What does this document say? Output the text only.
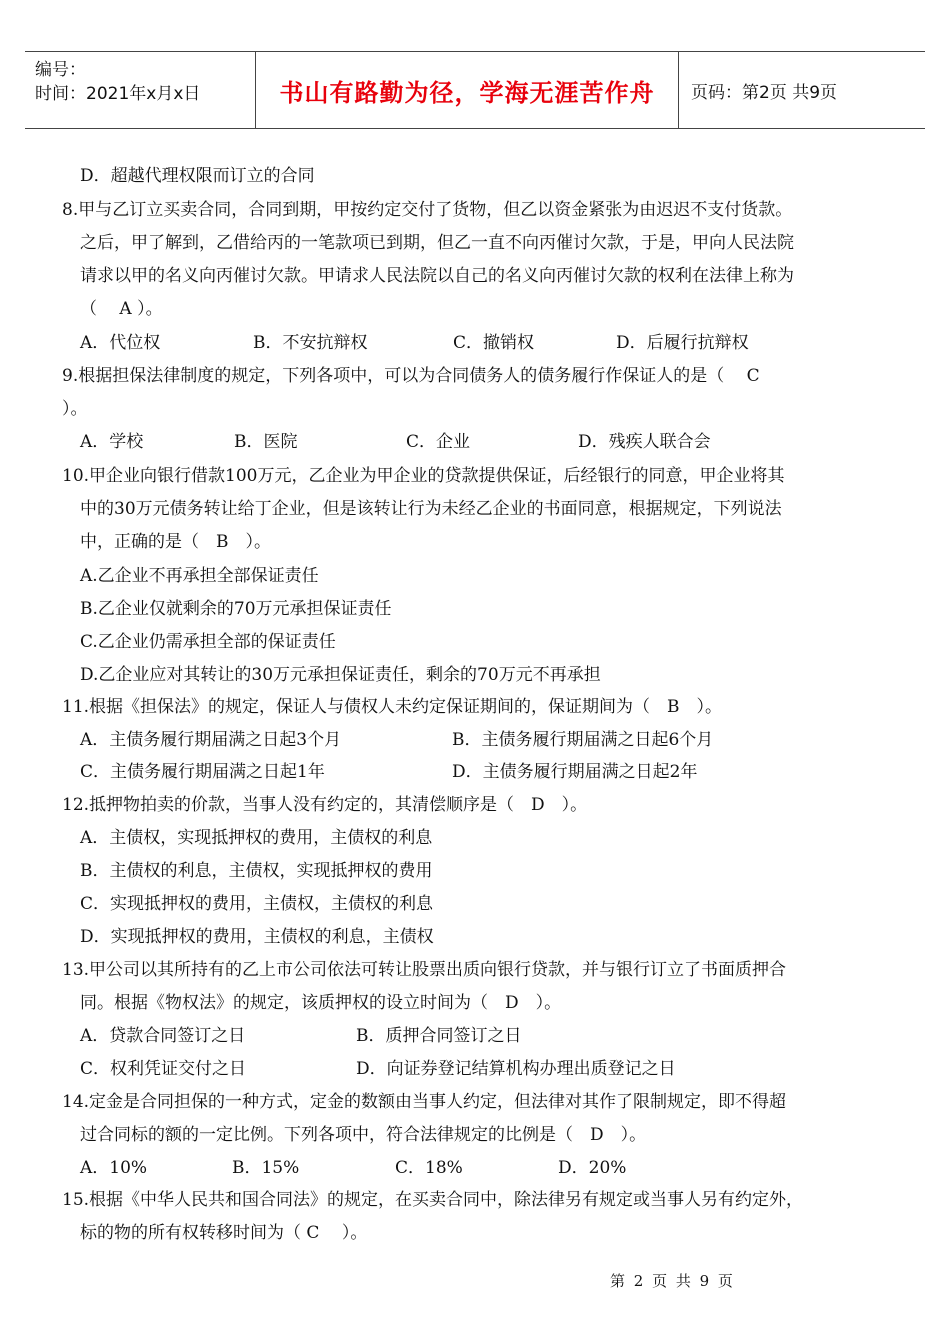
编号：
时间：2021年x月x日	书山有路勤为径，学海无涯苦作舟	页码：第2页 共9页
D．超越代理权限而订立的合同
8.甲与乙订立买卖合同，合同到期，甲按约定交付了货物，但乙以资金紧张为由迟迟不支付货款。
之后，甲了解到，乙借给丙的一笔款项已到期，但乙一直不向丙催讨欠款，于是，甲向人民法院
请求以甲的名义向丙催讨欠款。甲请求人民法院以自己的名义向丙催讨欠款的权利在法律上称为
（　 A ）。
A．代位权	B．不安抗辩权	C．撤销权	D．后履行抗辩权
9.根据担保法律制度的规定，下列各项中，可以为合同债务人的债务履行作保证人的是（　 C
）。
A．学校	B．医院	C．企业	D．残疾人联合会
10.甲企业向银行借款100万元，乙企业为甲企业的贷款提供保证，后经银行的同意，甲企业将其
中的30万元债务转让给丁企业，但是该转让行为未经乙企业的书面同意，根据规定，下列说法
中，正确的是（　B　）。
A.乙企业不再承担全部保证责任
B.乙企业仅就剩余的70万元承担保证责任
C.乙企业仍需承担全部的保证责任
D.乙企业应对其转让的30万元承担保证责任，剩余的70万元不再承担
11.根据《担保法》的规定，保证人与债权人未约定保证期间的，保证期间为（　B　）。
A．主债务履行期届满之日起3个月	B．主债务履行期届满之日起6个月
C．主债务履行期届满之日起1年	D．主债务履行期届满之日起2年
12.抵押物拍卖的价款，当事人没有约定的，其清偿顺序是（　D　）。
A．主债权，实现抵押权的费用，主债权的利息
B．主债权的利息，主债权，实现抵押权的费用
C．实现抵押权的费用，主债权，主债权的利息
D．实现抵押权的费用，主债权的利息，主债权
13.甲公司以其所持有的乙上市公司依法可转让股票出质向银行贷款，并与银行订立了书面质押合
同。根据《物权法》的规定，该质押权的设立时间为（　D　）。
A．贷款合同签订之日	B．质押合同签订之日
C．权利凭证交付之日	D．向证券登记结算机构办理出质登记之日
14.定金是合同担保的一种方式，定金的数额由当事人约定，但法律对其作了限制规定，即不得超
过合同标的额的一定比例。下列各项中，符合法律规定的比例是（　D　）。
A．10%	B．15%	C．18%	D．20%
15.根据《中华人民共和国合同法》的规定，在买卖合同中，除法律另有规定或当事人另有约定外，
标的物的所有权转移时间为（ C　 ）。
第 2 页 共 9 页
